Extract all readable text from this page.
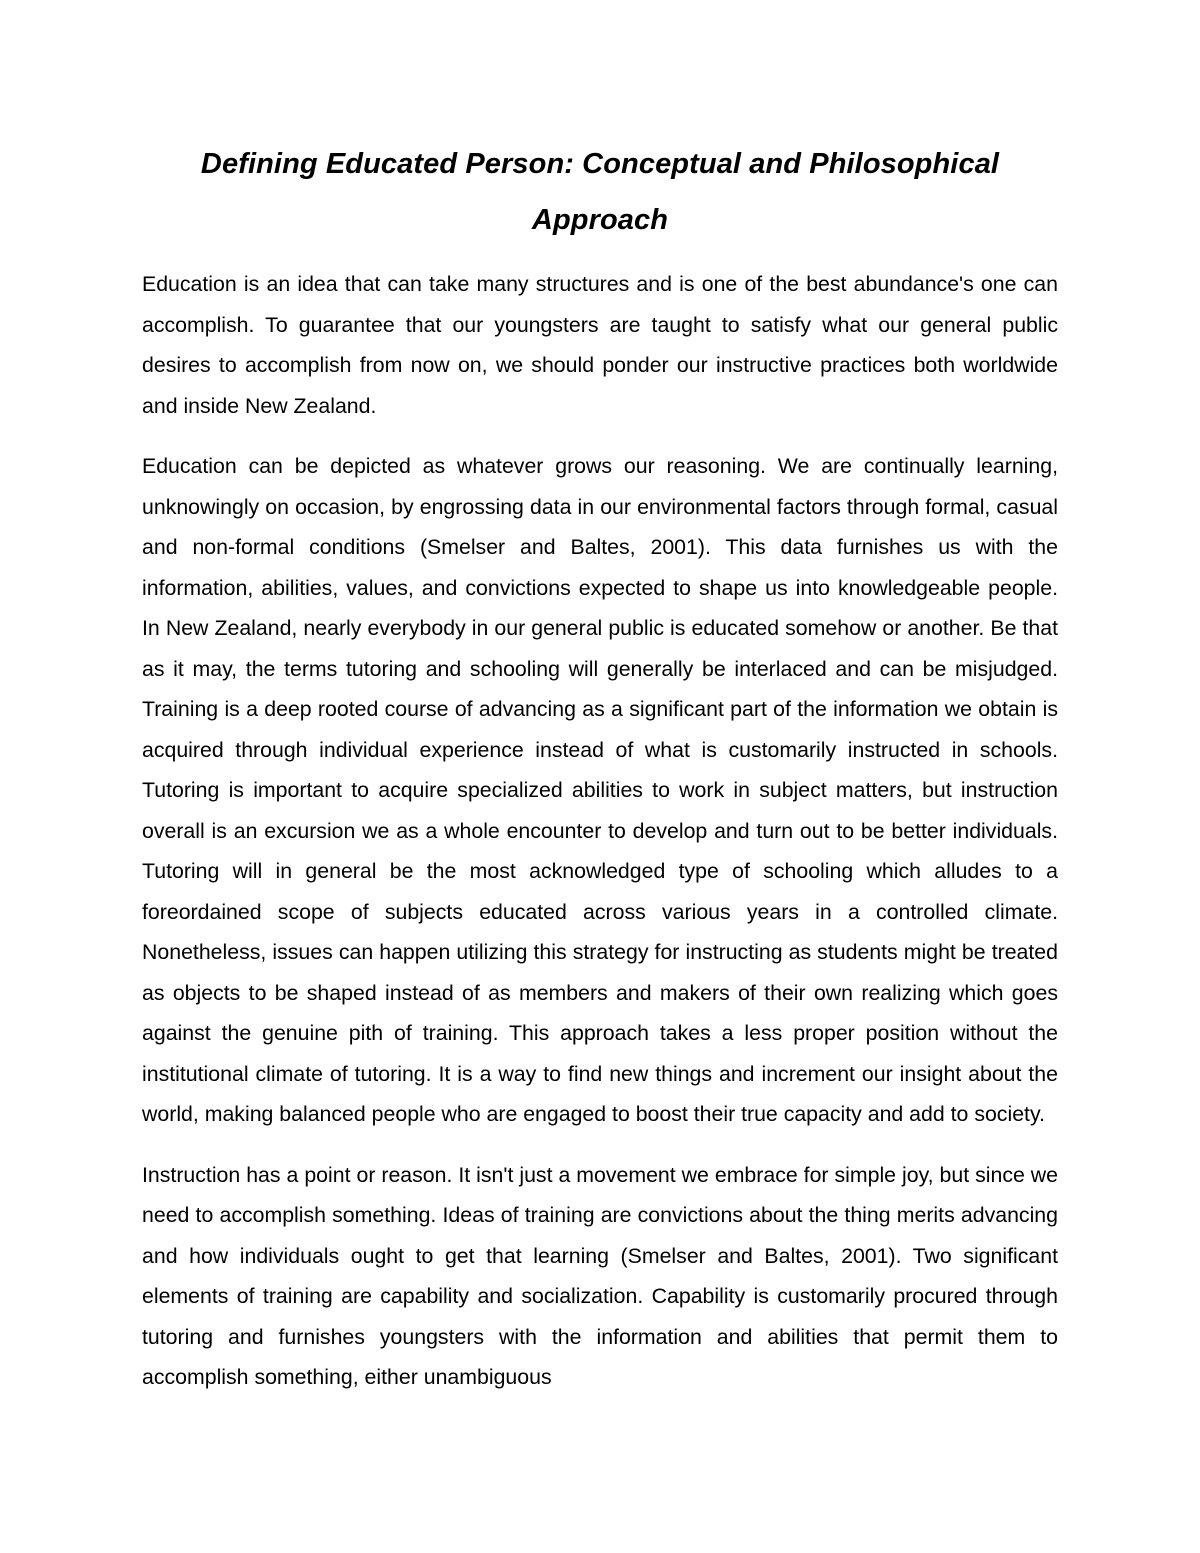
Defining Educated Person: Conceptual and Philosophical Approach

Education is an idea that can take many structures and is one of the best abundance's one can accomplish. To guarantee that our youngsters are taught to satisfy what our general public desires to accomplish from now on, we should ponder our instructive practices both worldwide and inside New Zealand.

Education can be depicted as whatever grows our reasoning. We are continually learning, unknowingly on occasion, by engrossing data in our environmental factors through formal, casual and non-formal conditions (Smelser and Baltes, 2001). This data furnishes us with the information, abilities, values, and convictions expected to shape us into knowledgeable people. In New Zealand, nearly everybody in our general public is educated somehow or another. Be that as it may, the terms tutoring and schooling will generally be interlaced and can be misjudged. Training is a deep rooted course of advancing as a significant part of the information we obtain is acquired through individual experience instead of what is customarily instructed in schools. Tutoring is important to acquire specialized abilities to work in subject matters, but instruction overall is an excursion we as a whole encounter to develop and turn out to be better individuals. Tutoring will in general be the most acknowledged type of schooling which alludes to a foreordained scope of subjects educated across various years in a controlled climate. Nonetheless, issues can happen utilizing this strategy for instructing as students might be treated as objects to be shaped instead of as members and makers of their own realizing which goes against the genuine pith of training. This approach takes a less proper position without the institutional climate of tutoring. It is a way to find new things and increment our insight about the world, making balanced people who are engaged to boost their true capacity and add to society.

Instruction has a point or reason. It isn't just a movement we embrace for simple joy, but since we need to accomplish something. Ideas of training are convictions about the thing merits advancing and how individuals ought to get that learning (Smelser and Baltes, 2001). Two significant elements of training are capability and socialization. Capability is customarily procured through tutoring and furnishes youngsters with the information and abilities that permit them to accomplish something, either unambiguous
